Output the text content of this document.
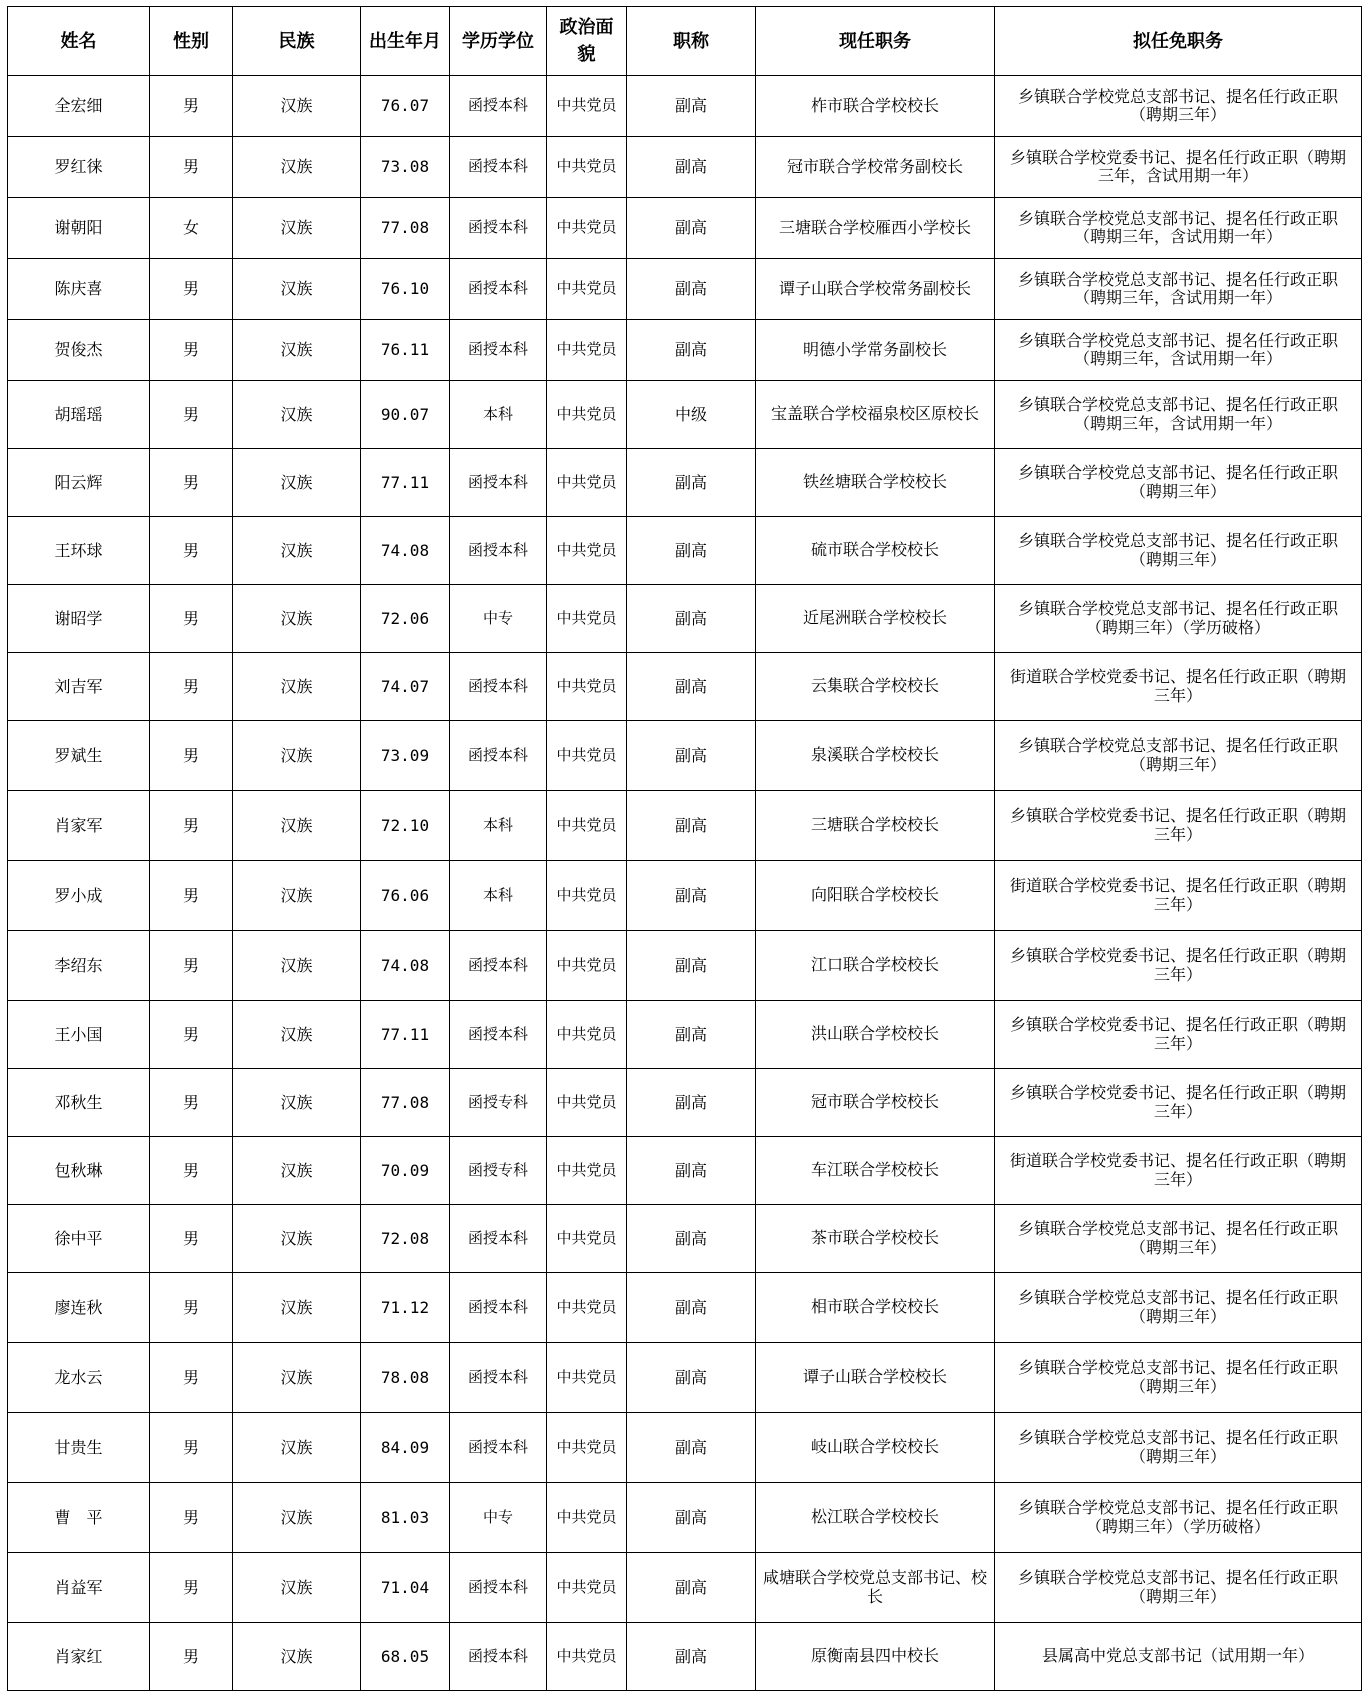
姓名	性别	民族	出生年月	学历学位	政治面貌	职称	现任职务	拟任免职务
全宏细	男	汉族	76.07	函授本科	中共党员	副高	柞市联合学校校长	乡镇联合学校党总支部书记、提名任行政正职（聘期三年）
罗红徕	男	汉族	73.08	函授本科	中共党员	副高	冠市联合学校常务副校长	乡镇联合学校党委书记、提名任行政正职（聘期三年，含试用期一年）
谢朝阳	女	汉族	77.08	函授本科	中共党员	副高	三塘联合学校雁西小学校长	乡镇联合学校党总支部书记、提名任行政正职（聘期三年，含试用期一年）
陈庆喜	男	汉族	76.10	函授本科	中共党员	副高	谭子山联合学校常务副校长	乡镇联合学校党总支部书记、提名任行政正职（聘期三年，含试用期一年）
贺俊杰	男	汉族	76.11	函授本科	中共党员	副高	明德小学常务副校长	乡镇联合学校党总支部书记、提名任行政正职（聘期三年，含试用期一年）
胡瑶瑶	男	汉族	90.07	本科	中共党员	中级	宝盖联合学校福泉校区原校长	乡镇联合学校党总支部书记、提名任行政正职（聘期三年，含试用期一年）
阳云辉	男	汉族	77.11	函授本科	中共党员	副高	铁丝塘联合学校校长	乡镇联合学校党总支部书记、提名任行政正职（聘期三年）
王环球	男	汉族	74.08	函授本科	中共党员	副高	硫市联合学校校长	乡镇联合学校党总支部书记、提名任行政正职（聘期三年）
谢昭学	男	汉族	72.06	中专	中共党员	副高	近尾洲联合学校校长	乡镇联合学校党总支部书记、提名任行政正职（聘期三年）（学历破格）
刘吉军	男	汉族	74.07	函授本科	中共党员	副高	云集联合学校校长	街道联合学校党委书记、提名任行政正职（聘期三年）
罗斌生	男	汉族	73.09	函授本科	中共党员	副高	泉溪联合学校校长	乡镇联合学校党总支部书记、提名任行政正职（聘期三年）
肖家军	男	汉族	72.10	本科	中共党员	副高	三塘联合学校校长	乡镇联合学校党委书记、提名任行政正职（聘期三年）
罗小成	男	汉族	76.06	本科	中共党员	副高	向阳联合学校校长	街道联合学校党委书记、提名任行政正职（聘期三年）
李绍东	男	汉族	74.08	函授本科	中共党员	副高	江口联合学校校长	乡镇联合学校党委书记、提名任行政正职（聘期三年）
王小国	男	汉族	77.11	函授本科	中共党员	副高	洪山联合学校校长	乡镇联合学校党委书记、提名任行政正职（聘期三年）
邓秋生	男	汉族	77.08	函授专科	中共党员	副高	冠市联合学校校长	乡镇联合学校党委书记、提名任行政正职（聘期三年）
包秋琳	男	汉族	70.09	函授专科	中共党员	副高	车江联合学校校长	街道联合学校党委书记、提名任行政正职（聘期三年）
徐中平	男	汉族	72.08	函授本科	中共党员	副高	茶市联合学校校长	乡镇联合学校党总支部书记、提名任行政正职（聘期三年）
廖连秋	男	汉族	71.12	函授本科	中共党员	副高	相市联合学校校长	乡镇联合学校党总支部书记、提名任行政正职（聘期三年）
龙水云	男	汉族	78.08	函授本科	中共党员	副高	谭子山联合学校校长	乡镇联合学校党总支部书记、提名任行政正职（聘期三年）
甘贵生	男	汉族	84.09	函授本科	中共党员	副高	岐山联合学校校长	乡镇联合学校党总支部书记、提名任行政正职（聘期三年）
曹　平	男	汉族	81.03	中专	中共党员	副高	松江联合学校校长	乡镇联合学校党总支部书记、提名任行政正职（聘期三年）（学历破格）
肖益军	男	汉族	71.04	函授本科	中共党员	副高	咸塘联合学校党总支部书记、校长	乡镇联合学校党总支部书记、提名任行政正职（聘期三年）
肖家红	男	汉族	68.05	函授本科	中共党员	副高	原衡南县四中校长	县属高中党总支部书记（试用期一年）
